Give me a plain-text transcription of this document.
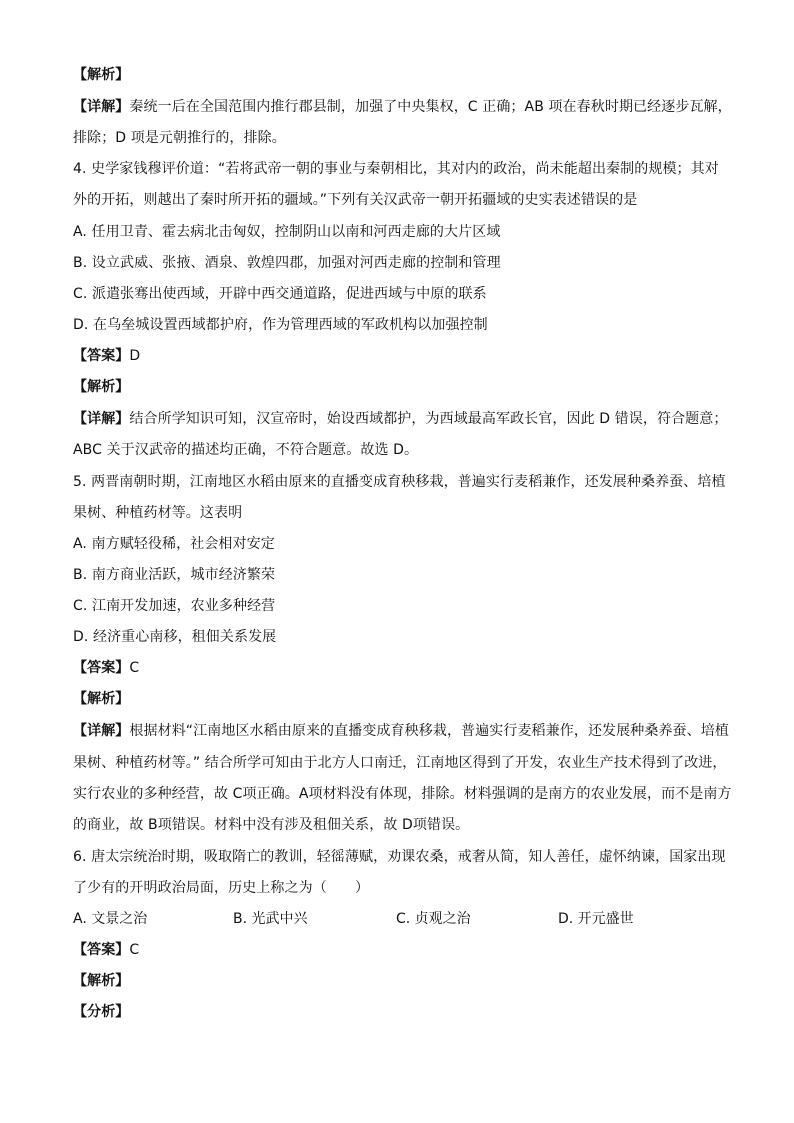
【解析】
【详解】秦统一后在全国范围内推行郡县制，加强了中央集权，C 正确；AB 项在春秋时期已经逐步瓦解，
排除；D 项是元朝推行的，排除。
4. 史学家钱穆评价道：“若将武帝一朝的事业与秦朝相比，其对内的政治，尚未能超出秦制的规模；其对
外的开拓，则越出了秦时所开拓的疆域。”下列有关汉武帝一朝开拓疆域的史实表述错误的是
A. 任用卫青、霍去病北击匈奴，控制阴山以南和河西走廊的大片区域
B. 设立武威、张掖、酒泉、敦煌四郡，加强对河西走廊的控制和管理
C. 派遣张骞出使西域，开辟中西交通道路，促进西域与中原的联系
D. 在乌垒城设置西域都护府，作为管理西域的军政机构以加强控制
【答案】D
【解析】
【详解】结合所学知识可知，汉宣帝时，始设西域都护，为西域最高军政长官，因此 D 错误，符合题意；
ABC 关于汉武帝的描述均正确，不符合题意。故选 D。
5. 两晋南朝时期，江南地区水稻由原来的直播变成育秧移栽，普遍实行麦稻兼作，还发展种桑养蚕、培植
果树、种植药材等。这表明
A. 南方赋轻役稀，社会相对安定
B. 南方商业活跃，城市经济繁荣
C. 江南开发加速，农业多种经营
D. 经济重心南移，租佃关系发展
【答案】C
【解析】
【详解】根据材料“江南地区水稻由原来的直播变成育秧移栽，普遍实行麦稻兼作，还发展种桑养蚕、培植
果树、种植药材等。” 结合所学可知由于北方人口南迁，江南地区得到了开发，农业生产技术得到了改进，
实行农业的多种经营，故 C项正确。A项材料没有体现，排除。材料强调的是南方的农业发展，而不是南方
的商业，故 B项错误。材料中没有涉及租佃关系，故 D项错误。
6. 唐太宗统治时期，吸取隋亡的教训，轻徭薄赋，劝课农桑，戒奢从简，知人善任，虚怀纳谏，国家出现
了少有的开明政治局面，历史上称之为（　　）
A. 文景之治	B. 光武中兴	C. 贞观之治	D. 开元盛世
【答案】C
【解析】
【分析】
